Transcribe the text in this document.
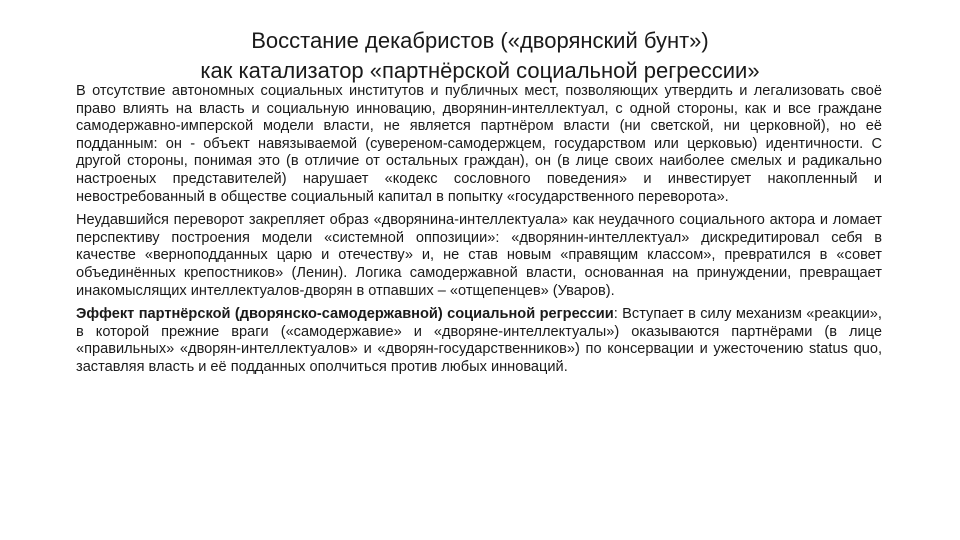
Восстание декабристов («дворянский бунт»)
как катализатор «партнёрской социальной регрессии»

В отсутствие автономных социальных институтов и публичных мест, позволяющих утвердить и легализовать своё право влиять на власть и социальную инновацию, дворянин-интеллектуал, с одной стороны, как и все граждане самодержавно-имперской модели власти, не является партнёром власти (ни светской, ни церковной), но её подданным: он - объект навязываемой (сувереном-самодержцем, государством или церковью) идентичности. С другой стороны, понимая это (в отличие от остальных граждан), он (в лице своих наиболее смелых и радикально настроеных представителей) нарушает «кодекс сословного поведения» и инвестирует накопленный и невостребованный в обществе социальный капитал в попытку «государственного переворота».

Неудавшийся переворот закрепляет образ «дворянина-интеллектуала» как неудачного социального актора и ломает перспективу построения модели «системной оппозиции»: «дворянин-интеллектуал» дискредитировал себя в качестве «верноподданных царю и отечеству» и, не став новым «правящим классом», превратился в «совет объединённых крепостников» (Ленин). Логика самодержавной власти, основанная на принуждении, превращает инакомыслящих интеллектуалов-дворян в отпавших – «отщепенцев» (Уваров).

Эффект партнёрской (дворянско-самодержавной) социальной регрессии: Вступает в силу механизм «реакции», в которой прежние враги («самодержавие» и «дворяне-интеллектуалы») оказываются партнёрами (в лице «правильных» «дворян-интеллектуалов» и «дворян-государственников») по консервации и ужесточению status quo, заставляя власть и её подданных ополчиться против любых инноваций.
